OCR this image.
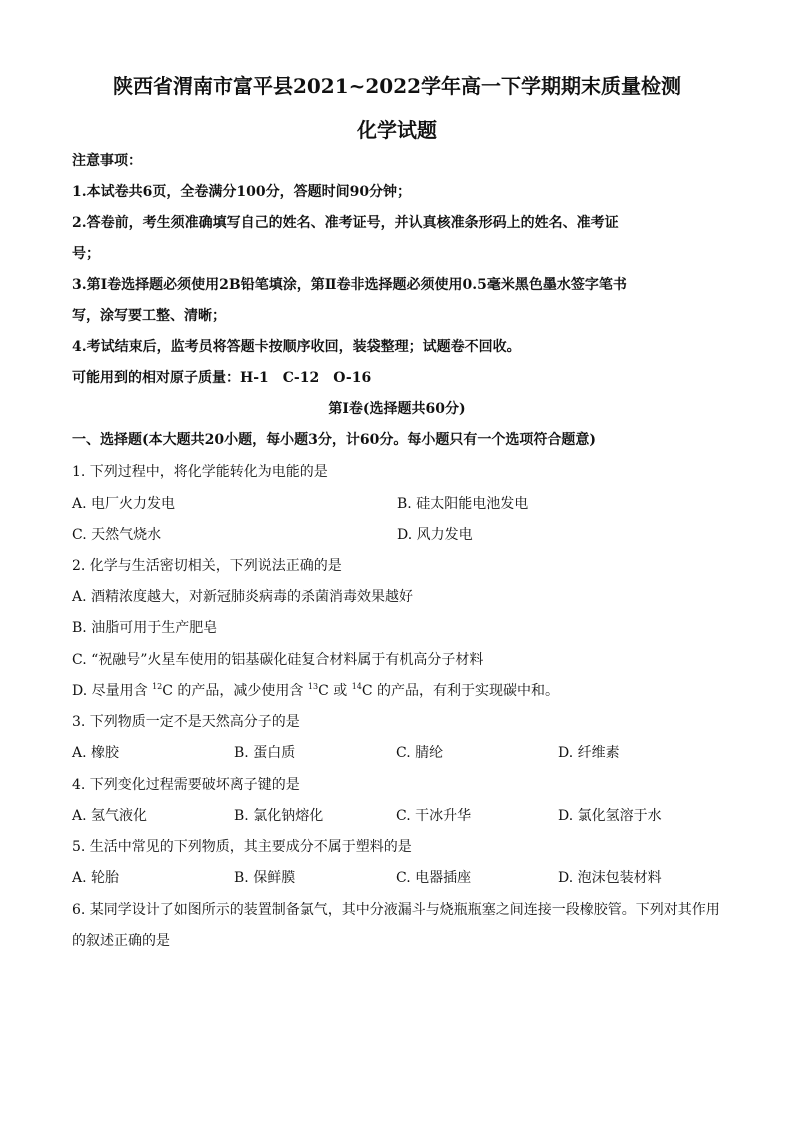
陕西省渭南市富平县2021~2022学年高一下学期期末质量检测
化学试题
注意事项：
1.本试卷共6页，全卷满分100分，答题时间90分钟；
2.答卷前，考生须准确填写自己的姓名、准考证号，并认真核准条形码上的姓名、准考证
号；
3.第Ⅰ卷选择题必须使用2B铅笔填涂，第Ⅱ卷非选择题必须使用0.5毫米黑色墨水签字笔书
写，涂写要工整、清晰；
4.考试结束后，监考员将答题卡按顺序收回，装袋整理；试题卷不回收。
可能用到的相对原子质量：H-1　C-12　O-16
第Ⅰ卷(选择题共60分)
一、选择题(本大题共20小题，每小题3分，计60分。每小题只有一个选项符合题意)
1. 下列过程中，将化学能转化为电能的是
A. 电厂火力发电	B. 硅太阳能电池发电
C. 天然气烧水	D. 风力发电
2. 化学与生活密切相关，下列说法正确的是
A. 酒精浓度越大，对新冠肺炎病毒的杀菌消毒效果越好
B. 油脂可用于生产肥皂
C. “祝融号”火星车使用的铝基碳化硅复合材料属于有机高分子材料
D. 尽量用含 $^{12}$C 的产品，减少使用含 $^{13}$C 或 $^{14}$C 的产品，有利于实现碳中和。
3. 下列物质一定不是天然高分子的是
A. 橡胶	B. 蛋白质	C. 腈纶	D. 纤维素
4. 下列变化过程需要破坏离子键的是
A. 氢气液化	B. 氯化钠熔化	C. 干冰升华	D. 氯化氢溶于水
5. 生活中常见的下列物质，其主要成分不属于塑料的是
A. 轮胎	B. 保鲜膜	C. 电器插座	D. 泡沫包装材料
6. 某同学设计了如图所示的装置制备氯气，其中分液漏斗与烧瓶瓶塞之间连接一段橡胶管。下列对其作用
的叙述正确的是
